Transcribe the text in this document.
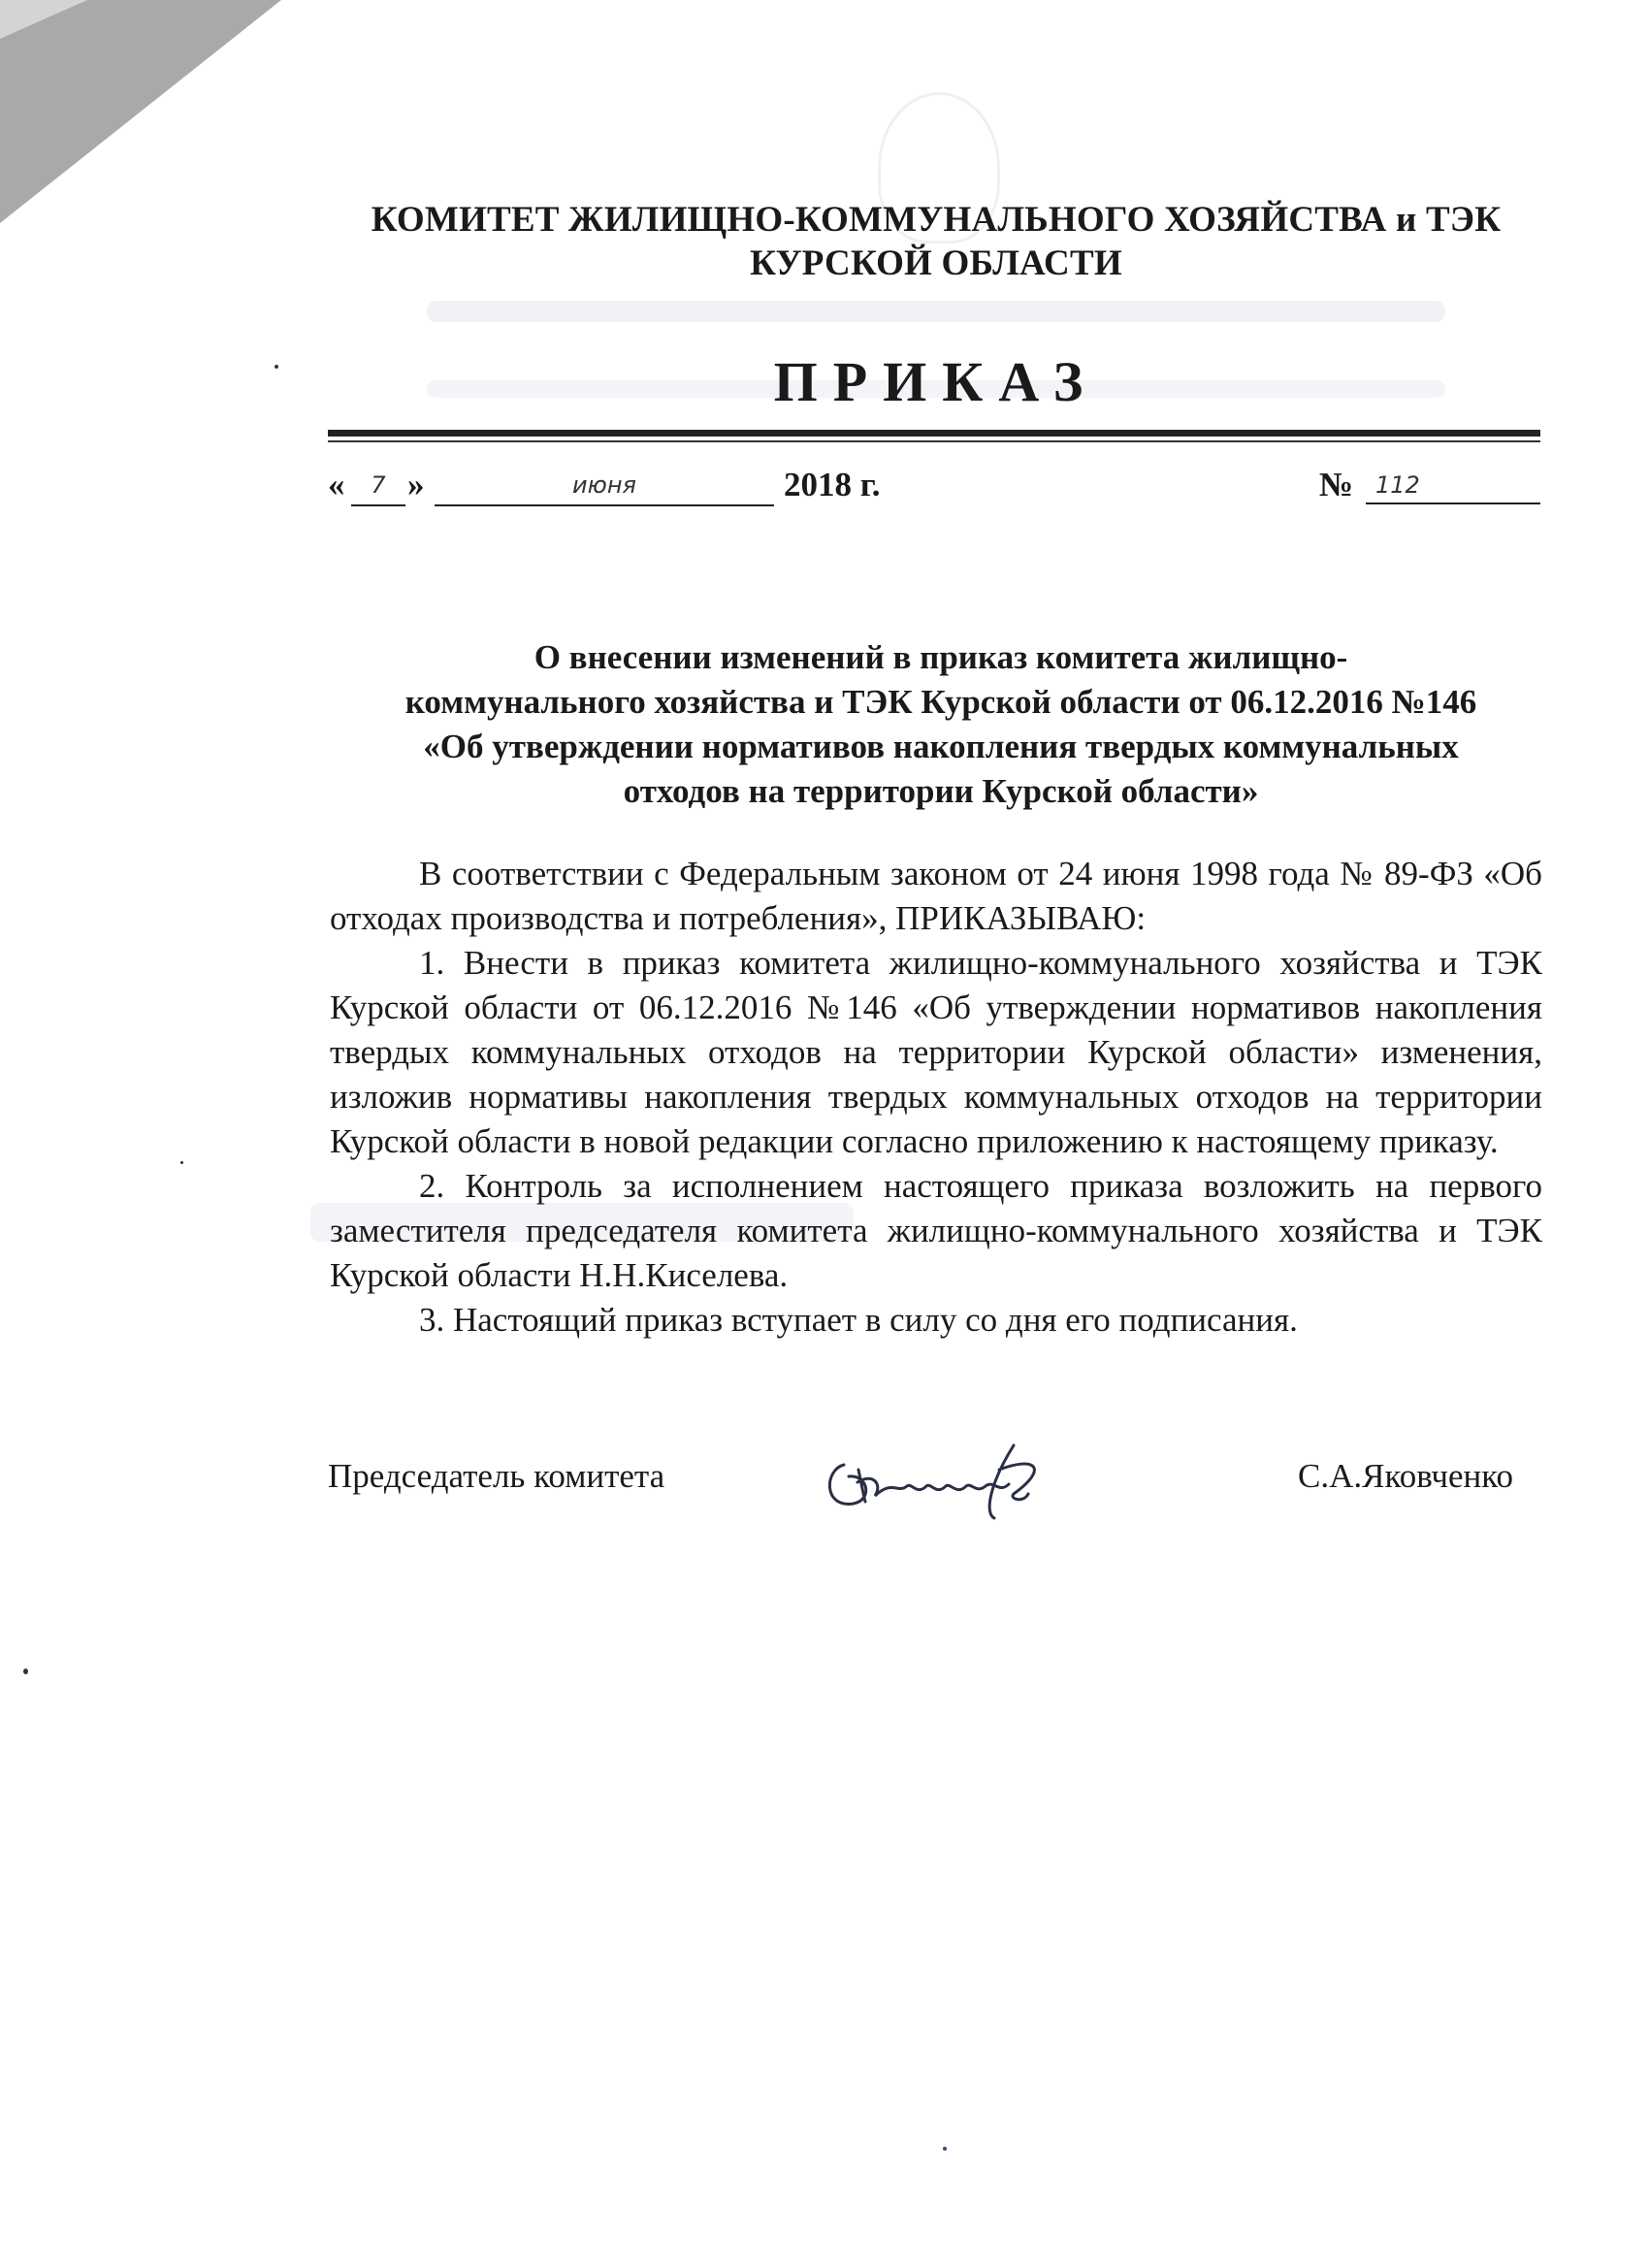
КОМИТЕТ ЖИЛИЩНО-КОММУНАЛЬНОГО ХОЗЯЙСТВА и ТЭК
КУРСКОЙ ОБЛАСТИ
ПРИКАЗ
«	7 »	июня	2018 г.	№ 112
О внесении изменений в приказ комитета жилищно-
коммунального хозяйства и ТЭК Курской области от 06.12.2016 №146
«Об утверждении нормативов накопления твердых коммунальных
отходов на территории Курской области»

В соответствии с Федеральным законом от 24 июня 1998 года № 89-ФЗ «Об отходах производства и потребления», ПРИКАЗЫВАЮ:

1. Внести в приказ комитета жилищно-коммунального хозяйства и ТЭК Курской области от 06.12.2016 №146 «Об утверждении нормативов накопления твердых коммунальных отходов на территории Курской области» изменения, изложив нормативы накопления твердых коммунальных отходов на территории Курской области в новой редакции согласно приложению к настоящему приказу.

2. Контроль за исполнением настоящего приказа возложить на первого заместителя председателя комитета жилищно-коммунального хозяйства и ТЭК Курской области Н.Н.Киселева.

3. Настоящий приказ вступает в силу со дня его подписания.

Председатель комитета	С.А.Яковченко
